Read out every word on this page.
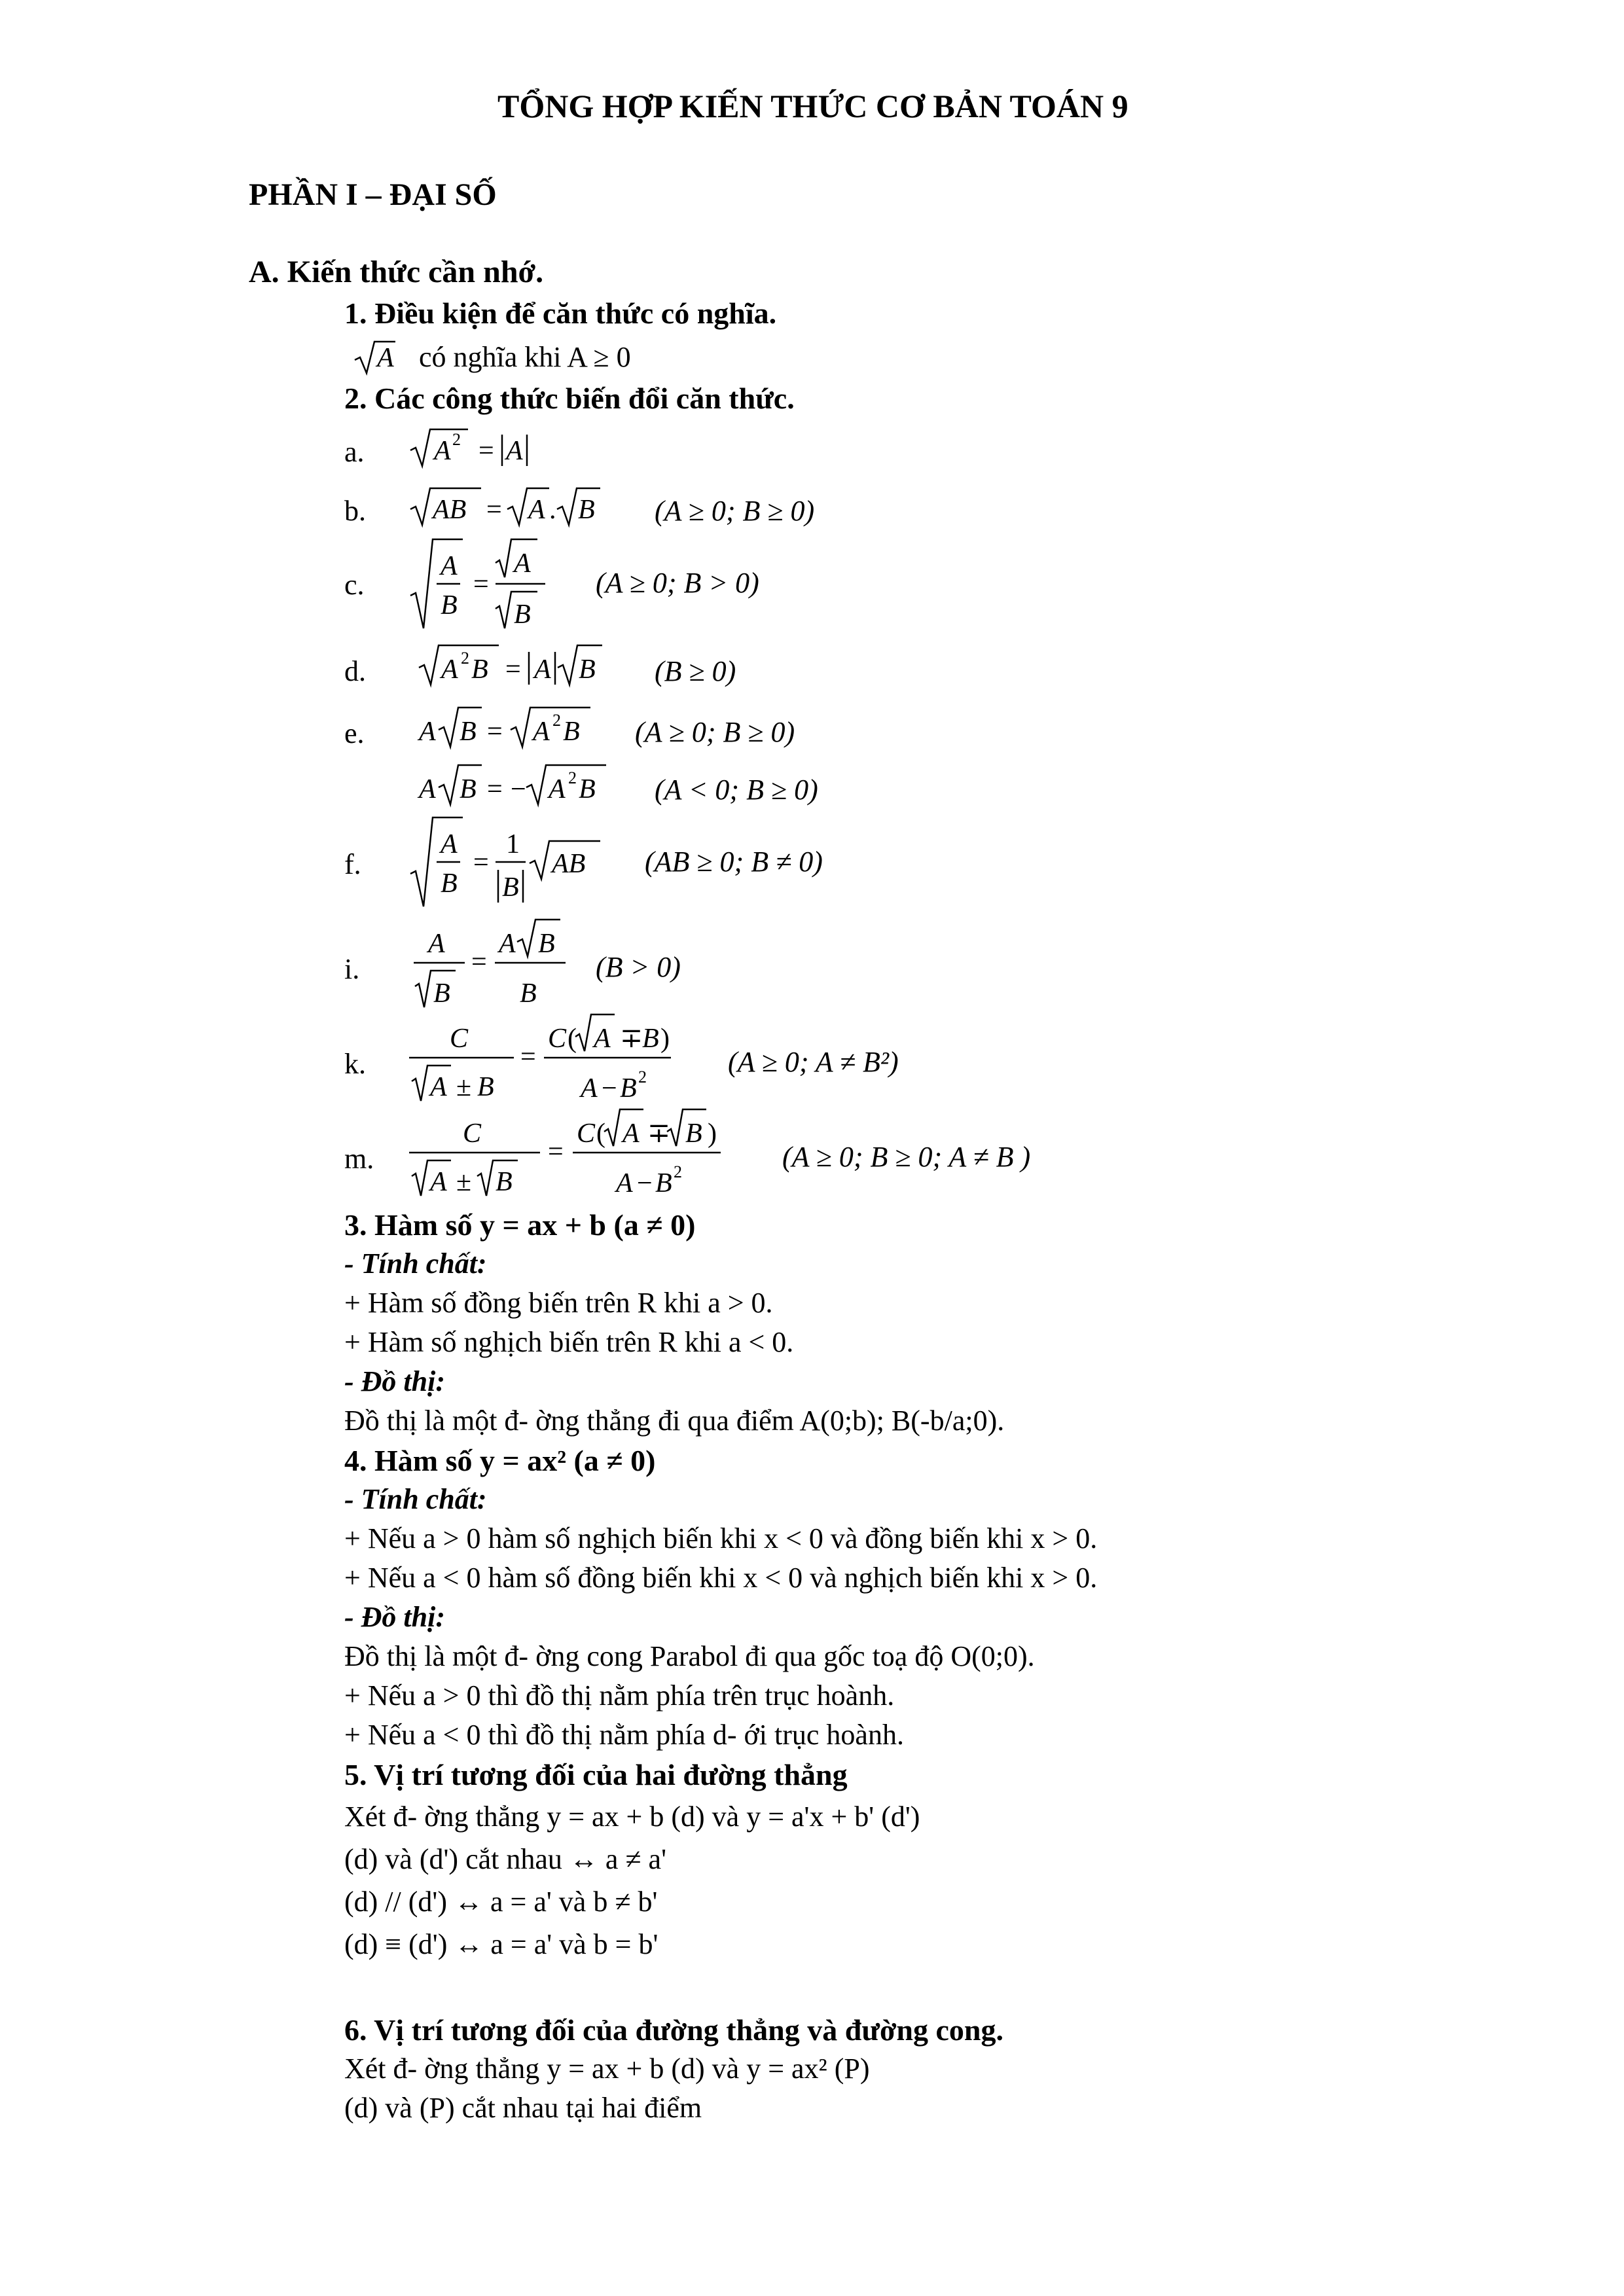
TỔNG HỢP KIẾN THỨC CƠ BẢN TOÁN 9
PHẦN I – ĐẠI SỐ
A. Kiến thức cần nhớ.
1. Điều kiện để căn thức có nghĩa.
A có nghĩa khi A ≥ 0
2. Các công thức biến đổi căn thức.
a.	A 2 = A
b. AB = A . B (A ≥ 0; B ≥ 0)
c.
A
B
=
A
B
(A ≥ 0; B > 0)
d.	A 2 B = A B (B ≥ 0)
e. A B = A 2 B (A ≥ 0; B ≥ 0)
A B = − A 2 B (A < 0; B ≥ 0)
f.
A
B
=
1
B
AB (AB ≥ 0; B ≠ 0)
i.
A
B
=
A B
B
(B > 0)
k.
C
A ± B
=
C ( A ∓
B )
A − B 2	(A ≥ 0; A ≠ B²)
m.
C
A ± B
=
C ( A ∓ B )
A − B 2	(A ≥ 0; B ≥ 0; A ≠ B )
3. Hàm số y = ax + b (a ≠ 0)
- Tính chất:
+ Hàm số đồng biến trên R khi a > 0.
+ Hàm số nghịch biến trên R khi a < 0.
- Đồ thị:
Đồ thị là một đ- ờng thẳng đi qua điểm A(0;b); B(-b/a;0).
4. Hàm số y = ax² (a ≠ 0)
- Tính chất:
+ Nếu a > 0 hàm số nghịch biến khi x < 0 và đồng biến khi x > 0.
+ Nếu a < 0 hàm số đồng biến khi x < 0 và nghịch biến khi x > 0.
- Đồ thị:
Đồ thị là một đ- ờng cong Parabol đi qua gốc toạ độ O(0;0).
+ Nếu a > 0 thì đồ thị nằm phía trên trục hoành.
+ Nếu a < 0 thì đồ thị nằm phía d- ới trục hoành.
5. Vị trí tương đối của hai đường thẳng
Xét đ- ờng thẳng y = ax + b (d) và y = a'x + b' (d')
(d) và (d') cắt nhau ↔ a ≠ a'
(d) // (d') ↔ a = a' và b ≠ b'
(d) ≡ (d') ↔ a = a' và b = b'
6. Vị trí tương đối của đường thẳng và đường cong.
Xét đ- ờng thẳng y = ax + b (d) và y = ax² (P)
(d) và (P) cắt nhau tại hai điểm
